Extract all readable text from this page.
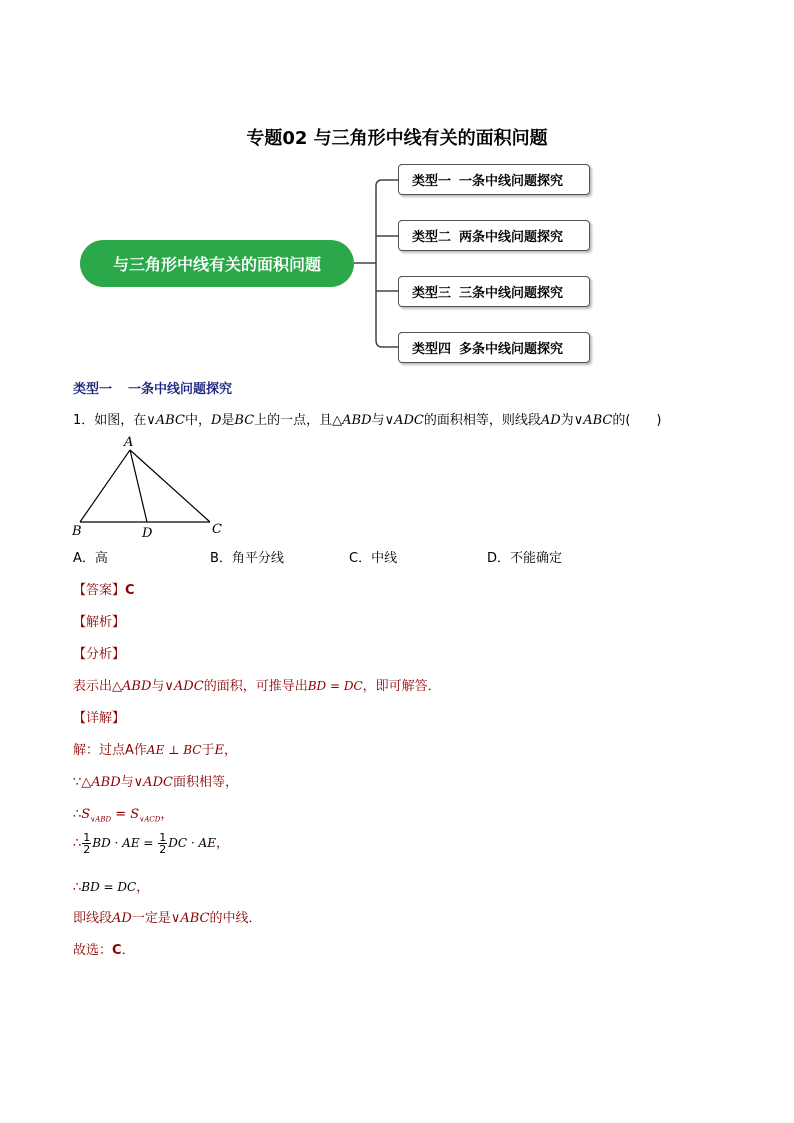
专题02 与三角形中线有关的面积问题
与三角形中线有关的面积问题
类型一 一条中线问题探究
类型二 两条中线问题探究
类型三 三条中线问题探究
类型四 多条中线问题探究
类型一 一条中线问题探究
1．如图，在∨ABC中，D是BC上的一点，且△ABD与∨ADC的面积相等，则线段AD为∨ABC的(　　)
A
B	C
D
A．高	B．角平分线	C．中线	D．不能确定
【答案】C
【解析】
【分析】
表示出△ABD与∨ADC的面积，可推导出BD = DC，即可解答．
【详解】
解：过点A作AE ⊥ BC于E，
∵△ABD与∨ADC面积相等，
$\therefore S_{\vee ABD} = S_{\vee ACD}$，
∴ $\frac{1}{2}$ BD · AE = $\frac{1}{2}$ DC · AE，
∴BD = DC，
即线段AD一定是∨ABC的中线．
故选：C．
